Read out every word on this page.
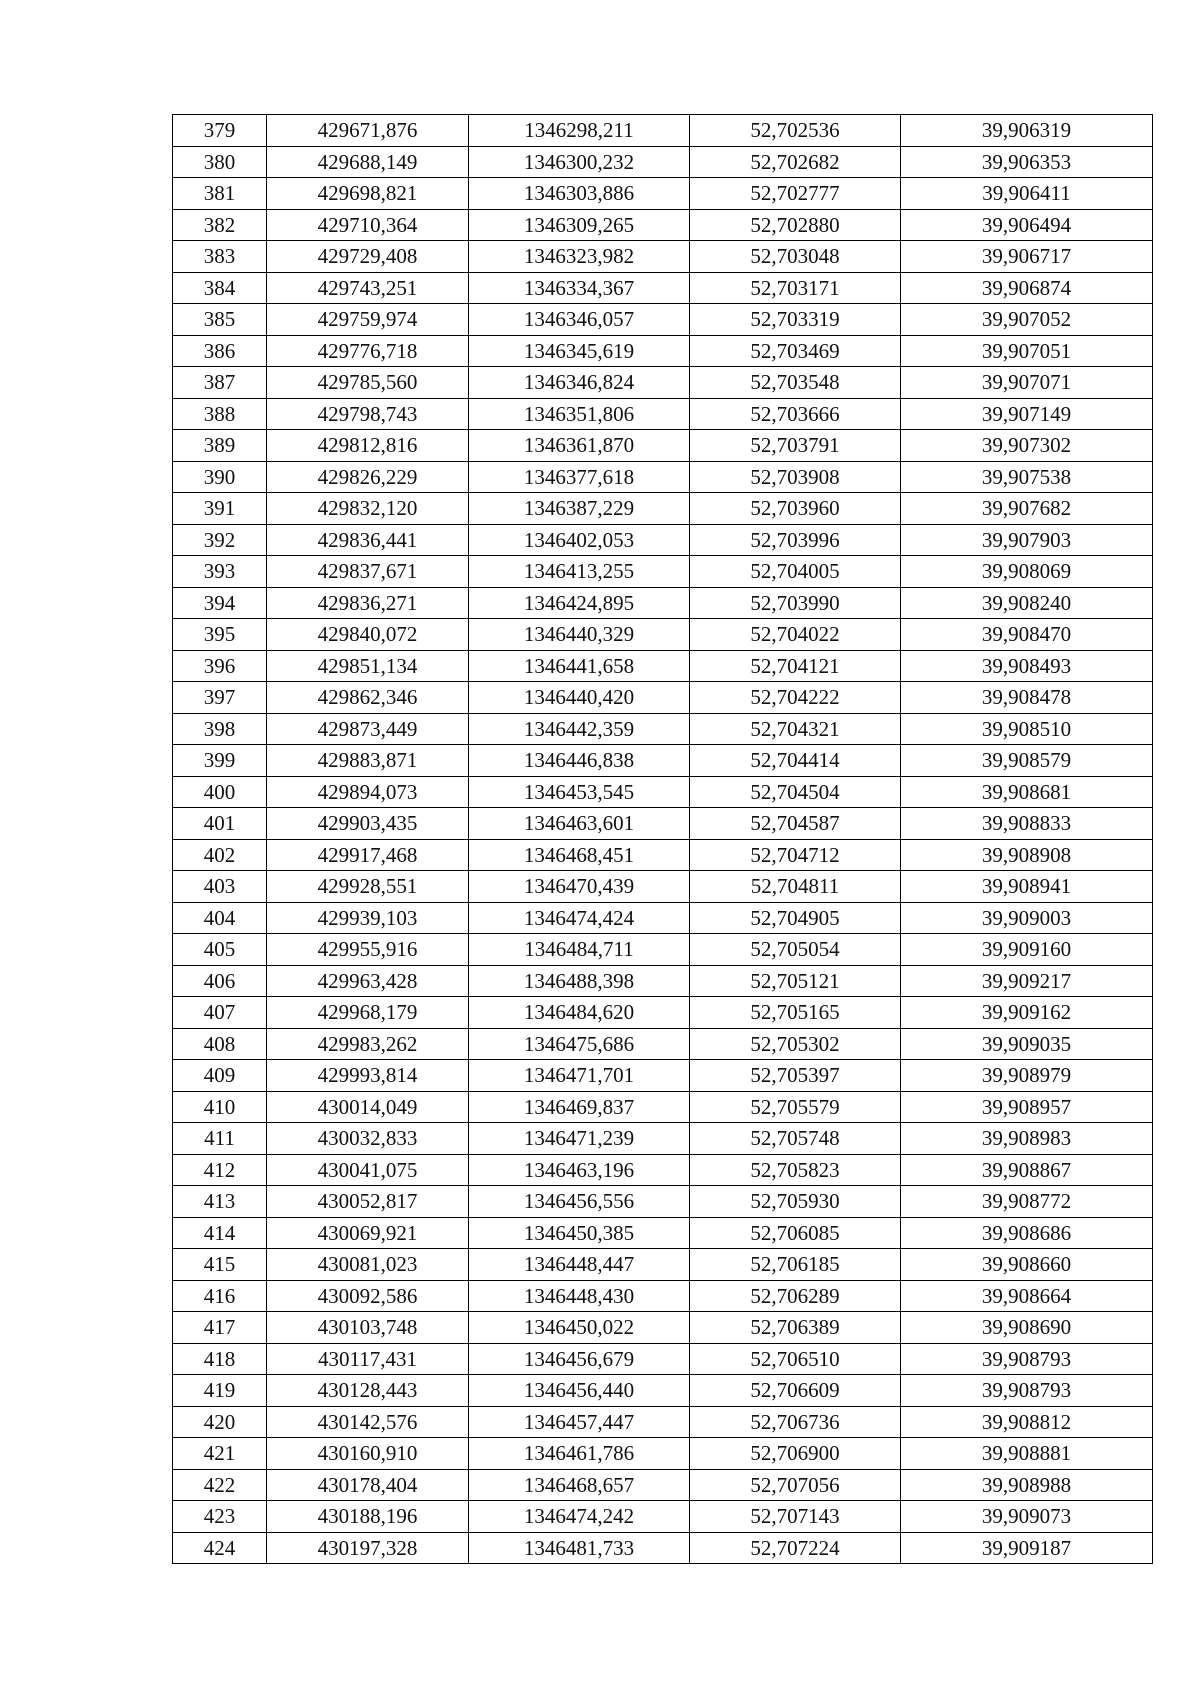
379	429671,876	1346298,211	52,702536	39,906319
380	429688,149	1346300,232	52,702682	39,906353
381	429698,821	1346303,886	52,702777	39,906411
382	429710,364	1346309,265	52,702880	39,906494
383	429729,408	1346323,982	52,703048	39,906717
384	429743,251	1346334,367	52,703171	39,906874
385	429759,974	1346346,057	52,703319	39,907052
386	429776,718	1346345,619	52,703469	39,907051
387	429785,560	1346346,824	52,703548	39,907071
388	429798,743	1346351,806	52,703666	39,907149
389	429812,816	1346361,870	52,703791	39,907302
390	429826,229	1346377,618	52,703908	39,907538
391	429832,120	1346387,229	52,703960	39,907682
392	429836,441	1346402,053	52,703996	39,907903
393	429837,671	1346413,255	52,704005	39,908069
394	429836,271	1346424,895	52,703990	39,908240
395	429840,072	1346440,329	52,704022	39,908470
396	429851,134	1346441,658	52,704121	39,908493
397	429862,346	1346440,420	52,704222	39,908478
398	429873,449	1346442,359	52,704321	39,908510
399	429883,871	1346446,838	52,704414	39,908579
400	429894,073	1346453,545	52,704504	39,908681
401	429903,435	1346463,601	52,704587	39,908833
402	429917,468	1346468,451	52,704712	39,908908
403	429928,551	1346470,439	52,704811	39,908941
404	429939,103	1346474,424	52,704905	39,909003
405	429955,916	1346484,711	52,705054	39,909160
406	429963,428	1346488,398	52,705121	39,909217
407	429968,179	1346484,620	52,705165	39,909162
408	429983,262	1346475,686	52,705302	39,909035
409	429993,814	1346471,701	52,705397	39,908979
410	430014,049	1346469,837	52,705579	39,908957
411	430032,833	1346471,239	52,705748	39,908983
412	430041,075	1346463,196	52,705823	39,908867
413	430052,817	1346456,556	52,705930	39,908772
414	430069,921	1346450,385	52,706085	39,908686
415	430081,023	1346448,447	52,706185	39,908660
416	430092,586	1346448,430	52,706289	39,908664
417	430103,748	1346450,022	52,706389	39,908690
418	430117,431	1346456,679	52,706510	39,908793
419	430128,443	1346456,440	52,706609	39,908793
420	430142,576	1346457,447	52,706736	39,908812
421	430160,910	1346461,786	52,706900	39,908881
422	430178,404	1346468,657	52,707056	39,908988
423	430188,196	1346474,242	52,707143	39,909073
424	430197,328	1346481,733	52,707224	39,909187
